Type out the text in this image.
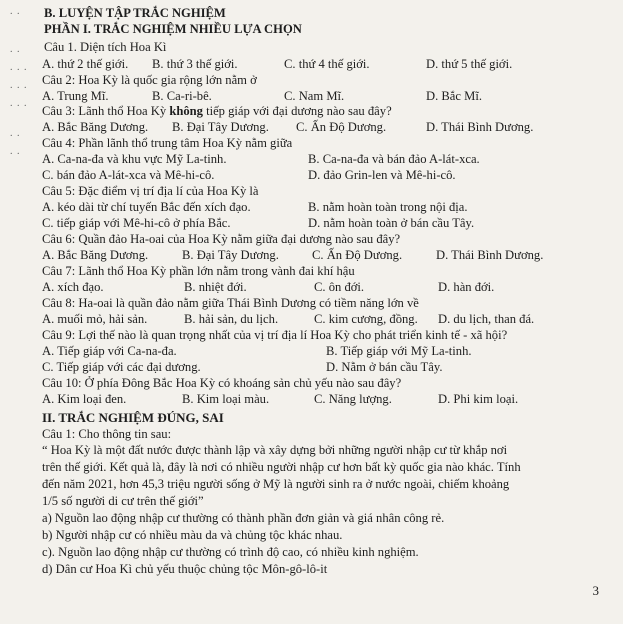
. .
. .
. . .
. . .
. . .
. .
. .
B. LUYỆN TẬP TRẮC NGHIỆM
PHẦN I. TRẮC NGHIỆM NHIỀU LỰA CHỌN
Câu 1. Diện tích Hoa Kì
A. thứ 2 thế giới. B. thứ 3 thế giới.	C. thứ 4 thế giới.	D. thứ 5 thế giới.
Câu 2: Hoa Kỳ là quốc gia rộng lớn nằm ở
A. Trung Mĩ.	B. Ca-ri-bê.	C. Nam Mĩ.	D. Bắc Mĩ.
Câu 3: Lãnh thổ Hoa Kỳ không tiếp giáp với đại dương nào sau đây?
A. Bắc Băng Dương. B. Đại Tây Dương. C. Ấn Độ Dương.	D. Thái Bình Dương.
Câu 4: Phần lãnh thổ trung tâm Hoa Kỳ nằm giữa
A. Ca-na-đa và khu vực Mỹ La-tinh.	B. Ca-na-đa và bán đảo A-lát-xca.
C. bán đảo A-lát-xca và Mê-hi-cô.	D. đảo Grin-len và Mê-hi-cô.
Câu 5: Đặc điểm vị trí địa lí của Hoa Kỳ là
A. kéo dài từ chí tuyến Bắc đến xích đạo.	B. nằm hoàn toàn trong nội địa.
C. tiếp giáp với Mê-hi-cô ở phía Bắc.	D. nằm hoàn toàn ở bán cầu Tây.
Câu 6: Quần đảo Ha-oai của Hoa Kỳ nằm giữa đại dương nào sau đây?
A. Bắc Băng Dương.	B. Đại Tây Dương.	C. Ấn Độ Dương.	D. Thái Bình Dương.
Câu 7: Lãnh thổ Hoa Kỳ phần lớn nằm trong vành đai khí hậu
A. xích đạo.	B. nhiệt đới.	C. ôn đới.	D. hàn đới.
Câu 8: Ha-oai là quần đảo nằm giữa Thái Bình Dương có tiềm năng lớn về
A. muối mỏ, hải sản.	B. hải sản, du lịch.	C. kim cương, đồng. D. du lịch, than đá.
Câu 9: Lợi thế nào là quan trọng nhất của vị trí địa lí Hoa Kỳ cho phát triển kinh tế - xã hội?
A. Tiếp giáp với Ca-na-đa.	B. Tiếp giáp với Mỹ La-tinh.
C. Tiếp giáp với các đại dương.	D. Nằm ở bán cầu Tây.
Câu 10: Ở phía Đông Bắc Hoa Kỳ có khoáng sản chủ yếu nào sau đây?
A. Kim loại đen.	B. Kim loại màu.	C. Năng lượng.	D. Phi kim loại.
II. TRẮC NGHIỆM ĐÚNG, SAI
Câu 1: Cho thông tin sau:
“ Hoa Kỳ là một đất nước được thành lập và xây dựng bởi những người nhập cư từ khắp nơi
trên thế giới. Kết quả là, đây là nơi có nhiều người nhập cư hơn bất kỳ quốc gia nào khác. Tính
đến năm 2021, hơn 45,3 triệu người sống ở Mỹ là người sinh ra ở nước ngoài, chiếm khoảng
1/5 số người di cư trên thế giới”
a) Nguồn lao động nhập cư thường có thành phần đơn giản và giá nhân công rẻ.
b) Người nhập cư có nhiều màu da và chủng tộc khác nhau.
c). Nguồn lao động nhập cư thường có trình độ cao, có nhiều kinh nghiệm.
d) Dân cư Hoa Kì chủ yếu thuộc chủng tộc Môn-gô-lô-it
3
